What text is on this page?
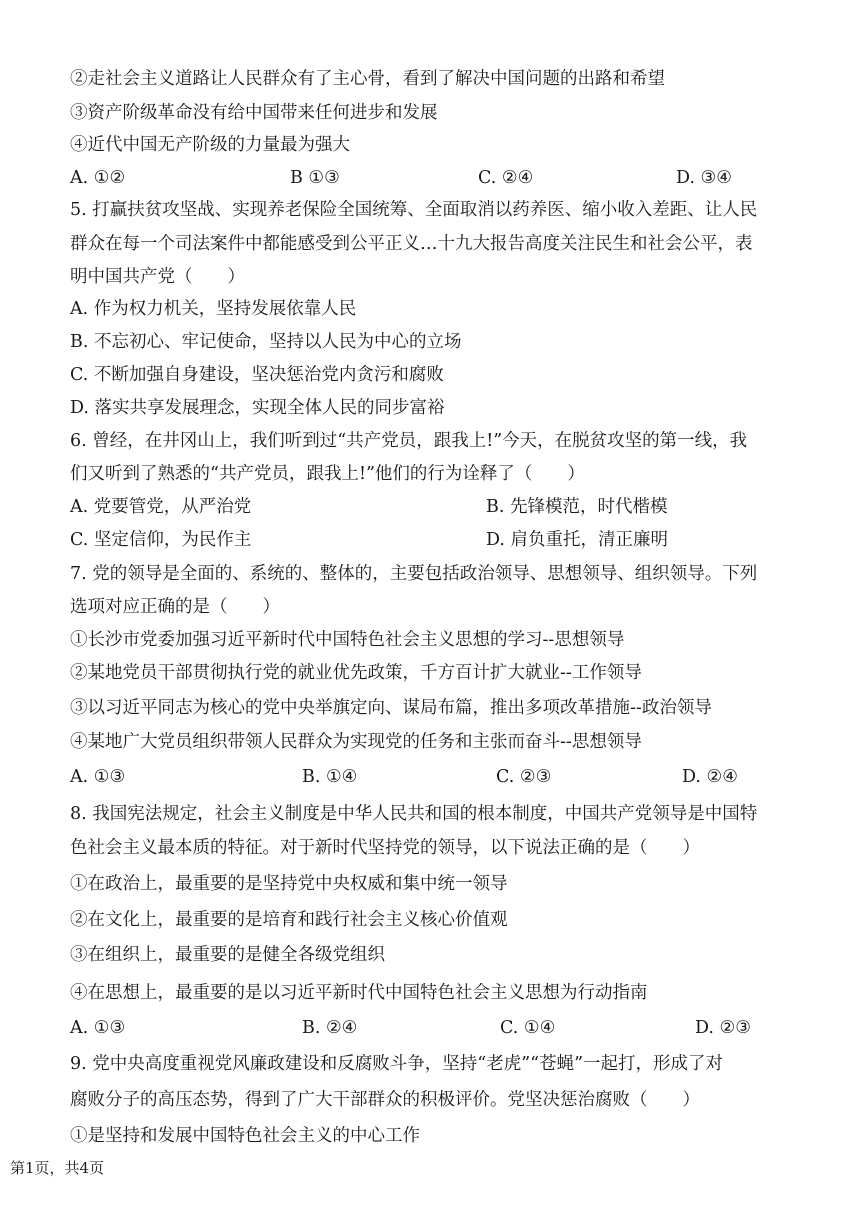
②走社会主义道路让人民群众有了主心骨，看到了解决中国问题的出路和希望
③资产阶级革命没有给中国带来任何进步和发展
④近代中国无产阶级的力量最为强大
A. ①②	B ①③	C. ②④	D. ③④
5. 打赢扶贫攻坚战、实现养老保险全国统筹、全面取消以药养医、缩小收入差距、让人民
群众在每一个司法案件中都能感受到公平正义…十九大报告高度关注民生和社会公平，表
明中国共产党（　　）
A. 作为权力机关，坚持发展依靠人民
B. 不忘初心、牢记使命，坚持以人民为中心的立场
C. 不断加强自身建设，坚决惩治党内贪污和腐败
D. 落实共享发展理念，实现全体人民的同步富裕
6. 曾经，在井冈山上，我们听到过“共产党员，跟我上!”今天，在脱贫攻坚的第一线，我
们又听到了熟悉的“共产党员，跟我上!”他们的行为诠释了（　　）
A. 党要管党，从严治党	B. 先锋模范，时代楷模
C. 坚定信仰，为民作主	D. 肩负重托，清正廉明
7. 党的领导是全面的、系统的、整体的，主要包括政治领导、思想领导、组织领导。下列
选项对应正确的是（　　）
①长沙市党委加强习近平新时代中国特色社会主义思想的学习--思想领导
②某地党员干部贯彻执行党的就业优先政策，千方百计扩大就业--工作领导
③以习近平同志为核心的党中央举旗定向、谋局布篇，推出多项改革措施--政治领导
④某地广大党员组织带领人民群众为实现党的任务和主张而奋斗--思想领导
A. ①③	B. ①④	C. ②③	D. ②④
8. 我国宪法规定，社会主义制度是中华人民共和国的根本制度，中国共产党领导是中国特
色社会主义最本质的特征。对于新时代坚持党的领导，以下说法正确的是（　　）
①在政治上，最重要的是坚持党中央权威和集中统一领导
②在文化上，最重要的是培育和践行社会主义核心价值观
③在组织上，最重要的是健全各级党组织
④在思想上，最重要的是以习近平新时代中国特色社会主义思想为行动指南
A. ①③	B. ②④	C. ①④	D. ②③
9. 党中央高度重视党风廉政建设和反腐败斗争，坚持“老虎”“苍蝇”一起打，形成了对
腐败分子的高压态势，得到了广大干部群众的积极评价。党坚决惩治腐败（　　）
①是坚持和发展中国特色社会主义的中心工作
第1页，共4页
